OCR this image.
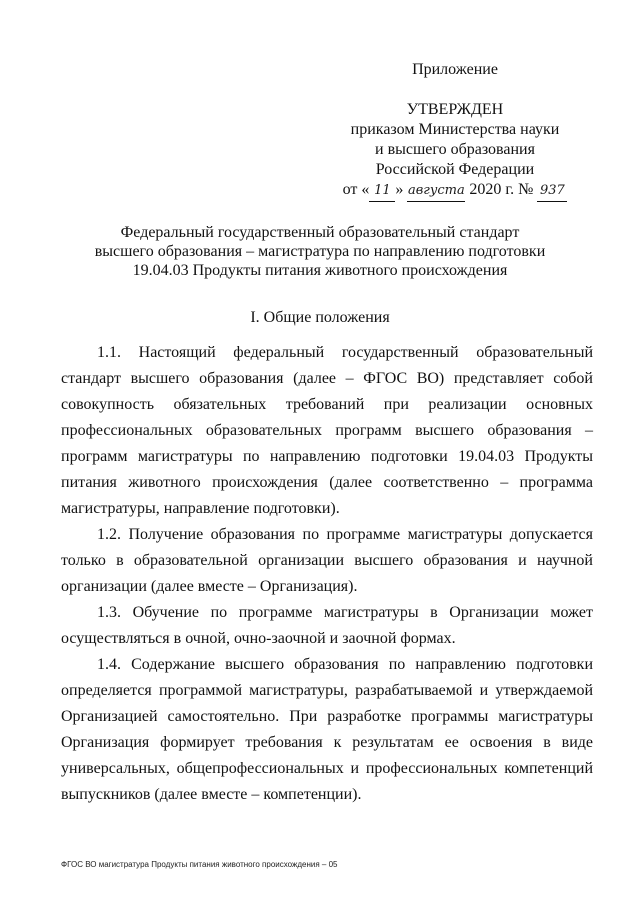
Приложение
УТВЕРЖДЕН
приказом Министерства науки
и высшего образования
Российской Федерации
от « 11 » августа 2020 г. № 937
Федеральный государственный образовательный стандарт
высшего образования – магистратура по направлению подготовки
19.04.03 Продукты питания животного происхождения
I. Общие положения

1.1. Настоящий федеральный государственный образовательный стандарт высшего образования (далее – ФГОС ВО) представляет собой совокупность обязательных требований при реализации основных профессиональных образовательных программ высшего образования – программ магистратуры по направлению подготовки 19.04.03 Продукты питания животного происхождения (далее соответственно – программа магистратуры, направление подготовки).

1.2. Получение образования по программе магистратуры допускается только в образовательной организации высшего образования и научной организации (далее вместе – Организация).

1.3. Обучение по программе магистратуры в Организации может осуществляться в очной, очно-заочной и заочной формах.

1.4. Содержание высшего образования по направлению подготовки определяется программой магистратуры, разрабатываемой и утверждаемой Организацией самостоятельно. При разработке программы магистратуры Организация формирует требования к результатам ее освоения в виде универсальных, общепрофессиональных и профессиональных компетенций выпускников (далее вместе – компетенции).

ФГОС ВО магистратура Продукты питания животного происхождения – 05
